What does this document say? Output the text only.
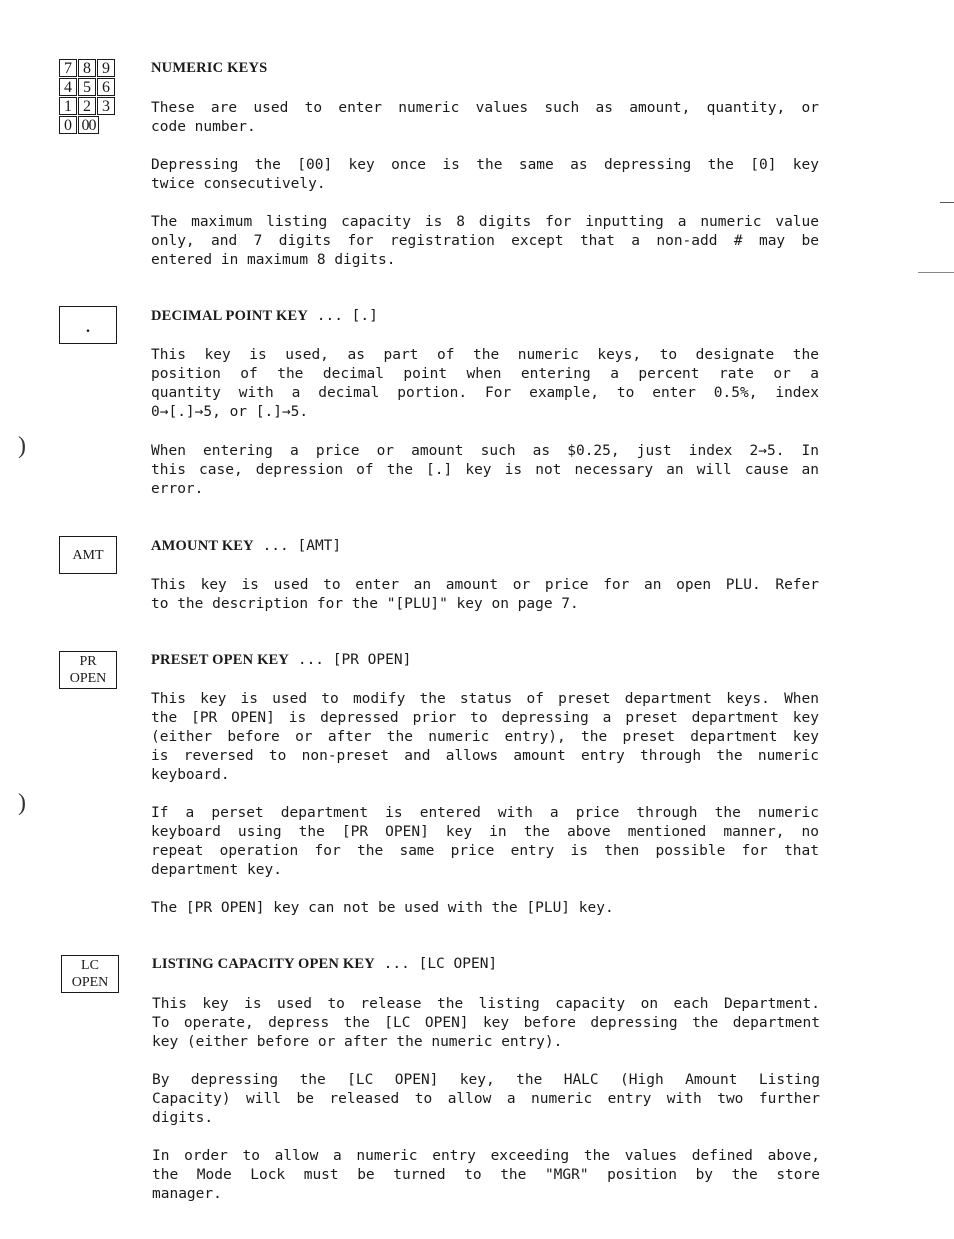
)
)
7 8 9
4 5 6
1 2 3
0 00
NUMERIC KEYS
These are used to enter numeric values such as amount, quantity, or
code number.
Depressing the [00] key once is the same as depressing the [0] key
twice consecutively.
The maximum listing capacity is 8 digits for inputting a numeric value
only, and 7 digits for registration except that a non-add # may be
entered in maximum 8 digits.
.
DECIMAL POINT KEY ... [.]
This key is used, as part of the numeric keys, to designate the
position of the decimal point when entering a percent rate or a
quantity with a decimal portion. For example, to enter 0.5%, index
0→[.]→5, or [.]→5.
When entering a price or amount such as $0.25, just index 2→5. In
this case, depression of the [.] key is not necessary an will cause an
error.
AMT
AMOUNT KEY ... [AMT]
This key is used to enter an amount or price for an open PLU. Refer
to the description for the "[PLU]" key on page 7.
PR
OPEN
PRESET OPEN KEY ... [PR OPEN]
This key is used to modify the status of preset department keys. When
the [PR OPEN] is depressed prior to depressing a preset department key
(either before or after the numeric entry), the preset department key
is reversed to non-preset and allows amount entry through the numeric
keyboard.
If a perset department is entered with a price through the numeric
keyboard using the [PR OPEN] key in the above mentioned manner, no
repeat operation for the same price entry is then possible for that
department key.
The [PR OPEN] key can not be used with the [PLU] key.
LC
OPEN
LISTING CAPACITY OPEN KEY ... [LC OPEN]
This key is used to release the listing capacity on each Department.
To operate, depress the [LC OPEN] key before depressing the department
key (either before or after the numeric entry).
By depressing the [LC OPEN] key, the HALC (High Amount Listing
Capacity) will be released to allow a numeric entry with two further
digits.
In order to allow a numeric entry exceeding the values defined above,
the Mode Lock must be turned to the "MGR" position by the store
manager.
